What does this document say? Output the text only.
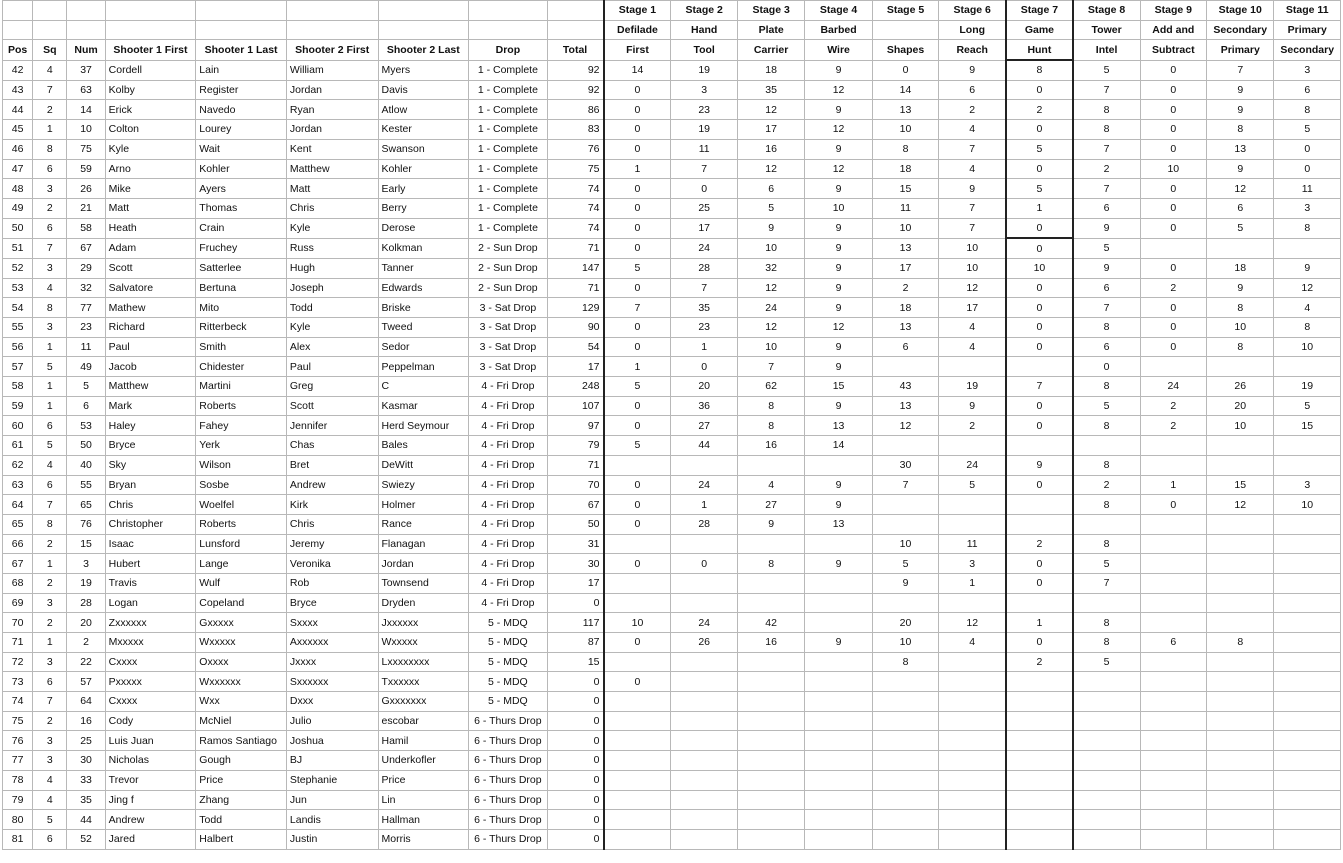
									Stage 1	Stage 2	Stage 3	Stage 4	Stage 5	Stage 6	Stage 7	Stage 8	Stage 9	Stage 10	Stage 11
									Defilade	Hand	Plate	Barbed		Long	Game	Tower	Add and	Secondary	Primary
Pos	Sq	Num	Shooter 1 First	Shooter 1 Last	Shooter 2 First	Shooter 2 Last	Drop	Total	First	Tool	Carrier	Wire	Shapes	Reach	Hunt	Intel	Subtract	Primary	Secondary
42	4	37	Cordell	Lain	William	Myers	1 - Complete	92	14	19	18	9	0	9	8	5	0	7	3
43	7	63	Kolby	Register	Jordan	Davis	1 - Complete	92	0	3	35	12	14	6	0	7	0	9	6
44	2	14	Erick	Navedo	Ryan	Atlow	1 - Complete	86	0	23	12	9	13	2	2	8	0	9	8
45	1	10	Colton	Lourey	Jordan	Kester	1 - Complete	83	0	19	17	12	10	4	0	8	0	8	5
46	8	75	Kyle	Wait	Kent	Swanson	1 - Complete	76	0	11	16	9	8	7	5	7	0	13	0
47	6	59	Arno	Kohler	Matthew	Kohler	1 - Complete	75	1	7	12	12	18	4	0	2	10	9	0
48	3	26	Mike	Ayers	Matt	Early	1 - Complete	74	0	0	6	9	15	9	5	7	0	12	11
49	2	21	Matt	Thomas	Chris	Berry	1 - Complete	74	0	25	5	10	11	7	1	6	0	6	3
50	6	58	Heath	Crain	Kyle	Derose	1 - Complete	74	0	17	9	9	10	7	0	9	0	5	8
51	7	67	Adam	Fruchey	Russ	Kolkman	2 - Sun Drop	71	0	24	10	9	13	10	0	5			
52	3	29	Scott	Satterlee	Hugh	Tanner	2 - Sun Drop	147	5	28	32	9	17	10	10	9	0	18	9
53	4	32	Salvatore	Bertuna	Joseph	Edwards	2 - Sun Drop	71	0	7	12	9	2	12	0	6	2	9	12
54	8	77	Mathew	Mito	Todd	Briske	3 - Sat Drop	129	7	35	24	9	18	17	0	7	0	8	4
55	3	23	Richard	Ritterbeck	Kyle	Tweed	3 - Sat Drop	90	0	23	12	12	13	4	0	8	0	10	8
56	1	11	Paul	Smith	Alex	Sedor	3 - Sat Drop	54	0	1	10	9	6	4	0	6	0	8	10
57	5	49	Jacob	Chidester	Paul	Peppelman	3 - Sat Drop	17	1	0	7	9				0			
58	1	5	Matthew	Martini	Greg	C	4 - Fri Drop	248	5	20	62	15	43	19	7	8	24	26	19
59	1	6	Mark	Roberts	Scott	Kasmar	4 - Fri Drop	107	0	36	8	9	13	9	0	5	2	20	5
60	6	53	Haley	Fahey	Jennifer	Herd Seymour	4 - Fri Drop	97	0	27	8	13	12	2	0	8	2	10	15
61	5	50	Bryce	Yerk	Chas	Bales	4 - Fri Drop	79	5	44	16	14							
62	4	40	Sky	Wilson	Bret	DeWitt	4 - Fri Drop	71					30	24	9	8			
63	6	55	Bryan	Sosbe	Andrew	Swiezy	4 - Fri Drop	70	0	24	4	9	7	5	0	2	1	15	3
64	7	65	Chris	Woelfel	Kirk	Holmer	4 - Fri Drop	67	0	1	27	9				8	0	12	10
65	8	76	Christopher	Roberts	Chris	Rance	4 - Fri Drop	50	0	28	9	13							
66	2	15	Isaac	Lunsford	Jeremy	Flanagan	4 - Fri Drop	31					10	11	2	8			
67	1	3	Hubert	Lange	Veronika	Jordan	4 - Fri Drop	30	0	0	8	9	5	3	0	5			
68	2	19	Travis	Wulf	Rob	Townsend	4 - Fri Drop	17					9	1	0	7			
69	3	28	Logan	Copeland	Bryce	Dryden	4 - Fri Drop	0											
70	2	20	Zxxxxxx	Gxxxxx	Sxxxx	Jxxxxxx	5 - MDQ	117	10	24	42		20	12	1	8			
71	1	2	Mxxxxx	Wxxxxx	Axxxxxx	Wxxxxx	5 - MDQ	87	0	26	16	9	10	4	0	8	6	8	
72	3	22	Cxxxx	Oxxxx	Jxxxx	Lxxxxxxxx	5 - MDQ	15					8		2	5			
73	6	57	Pxxxxx	Wxxxxxx	Sxxxxxx	Txxxxxx	5 - MDQ	0	0										
74	7	64	Cxxxx	Wxx	Dxxx	Gxxxxxxx	5 - MDQ	0											
75	2	16	Cody	McNiel	Julio	escobar	6 - Thurs Drop	0											
76	3	25	Luis Juan	Ramos Santiago	Joshua	Hamil	6 - Thurs Drop	0											
77	3	30	Nicholas	Gough	BJ	Underkofler	6 - Thurs Drop	0											
78	4	33	Trevor	Price	Stephanie	Price	6 - Thurs Drop	0											
79	4	35	Jing f	Zhang	Jun	Lin	6 - Thurs Drop	0											
80	5	44	Andrew	Todd	Landis	Hallman	6 - Thurs Drop	0											
81	6	52	Jared	Halbert	Justin	Morris	6 - Thurs Drop	0											
